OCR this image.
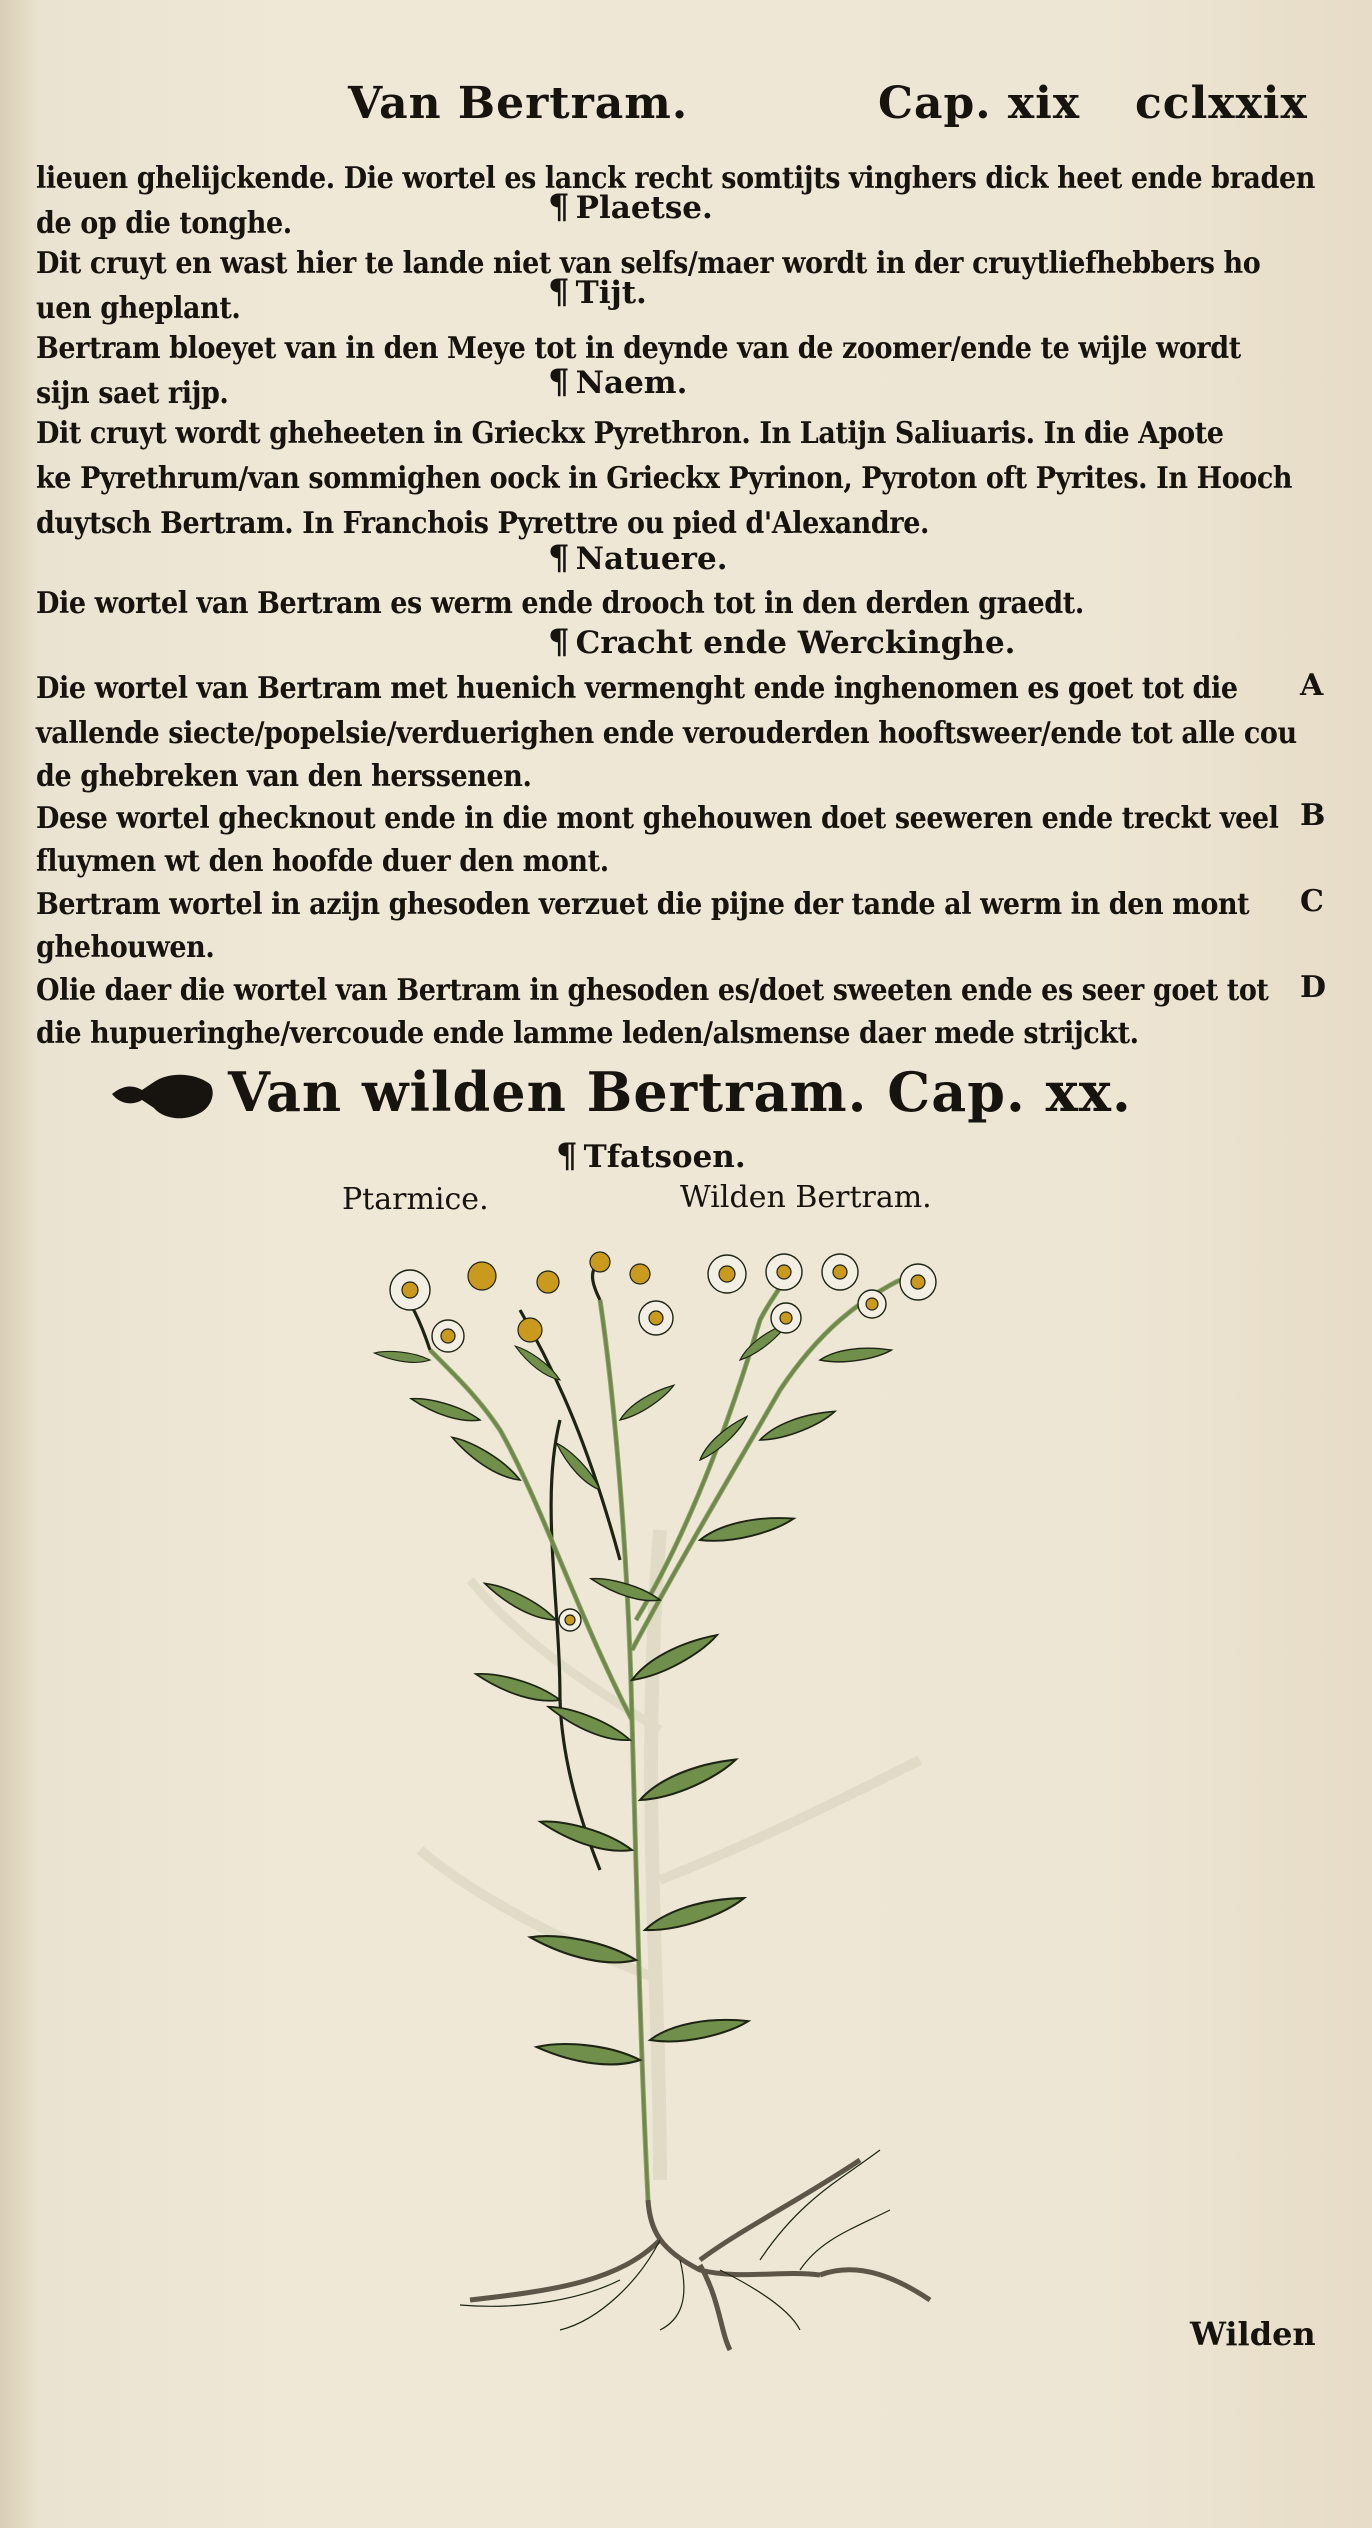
Van Bertram.	Cap. xix cclxxix
lieuen ghelijckende. Die wortel es lanck recht somtijts vinghers dick heet ende braden
de op die tonghe.	¶ Plaetse.
Dit cruyt en wast hier te lande niet van selfs/maer wordt in der cruytliefhebbers ho
uen gheplant.	¶ Tijt.
Bertram bloeyet van in den Meye tot in deynde van de zoomer/ende te wijle wordt
sijn saet rijp.	¶ Naem.
Dit cruyt wordt gheheeten in Grieckx Pyrethron. In Latijn Saliuaris. In die Apote
ke Pyrethrum/van sommighen oock in Grieckx Pyrinon, Pyroton oft Pyrites. In Hooch
duytsch Bertram. In Franchois Pyrettre ou pied d'Alexandre.
¶ Natuere.
Die wortel van Bertram es werm ende drooch tot in den derden graedt.
¶ Cracht ende Werckinghe.
Die wortel van Bertram met huenich vermenght ende inghenomen es goet tot die
vallende siecte/popelsie/verduerighen ende verouderden hooftsweer/ende tot alle cou
de ghebreken van den herssenen.
Dese wortel ghecknout ende in die mont ghehouwen doet seeweren ende treckt veel
fluymen wt den hoofde duer den mont.
Bertram wortel in azijn ghesoden verzuet die pijne der tande al werm in den mont
ghehouwen.
Olie daer die wortel van Bertram in ghesoden es/doet sweeten ende es seer goet tot
die hupueringhe/vercoude ende lamme leden/alsmense daer mede strijckt.
A
B
C
D
Van wilden Bertram. Cap. xx.
¶ Tfatsoen.
Ptarmice.	Wilden Bertram.
Wilden
